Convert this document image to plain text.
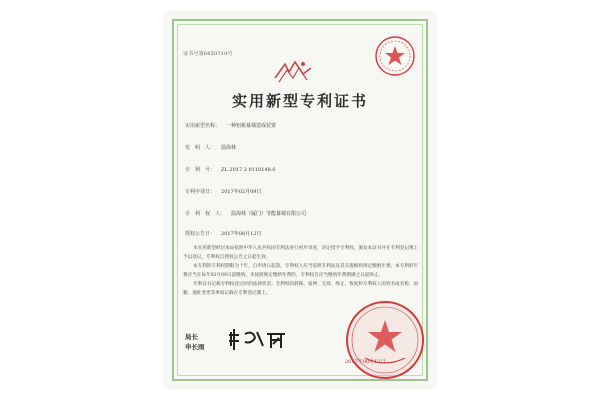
证书号第6450710号
实用新型专利证书
实用新型名称： 一种铝板幕墙造成装置
发　明　人： 温海林
专　利　号： ZL 2017 2 0110148.6
专利申请日： 2017年02月09日
专　利　权　人： 温海林（厦门）节能幕墙有限公司
授权公告日： 2017年08月12日

本实用新型经过本局依照中华人民共和国专利法进行初步审查，决定授予专利权，颁发本证书并在专利登记簿上予以登记。专利权自授权公告之日起生效。

本专利的专利权期限为十年，自申请日起算。专利权人应当依照专利法及其实施细则规定缴纳年费。本专利的年费应当在每年02月09日前缴纳。未按照规定缴纳年费的，专利权自应当缴纳年费期满之日起终止。

专利证书记载专利权登记时的法律状况。专利权的转移、质押、无效、终止、恢复和专利权人的姓名或名称、国籍、地址变更等事项记载在专利登记簿上。

局长
申长雨
2017年08月12日
